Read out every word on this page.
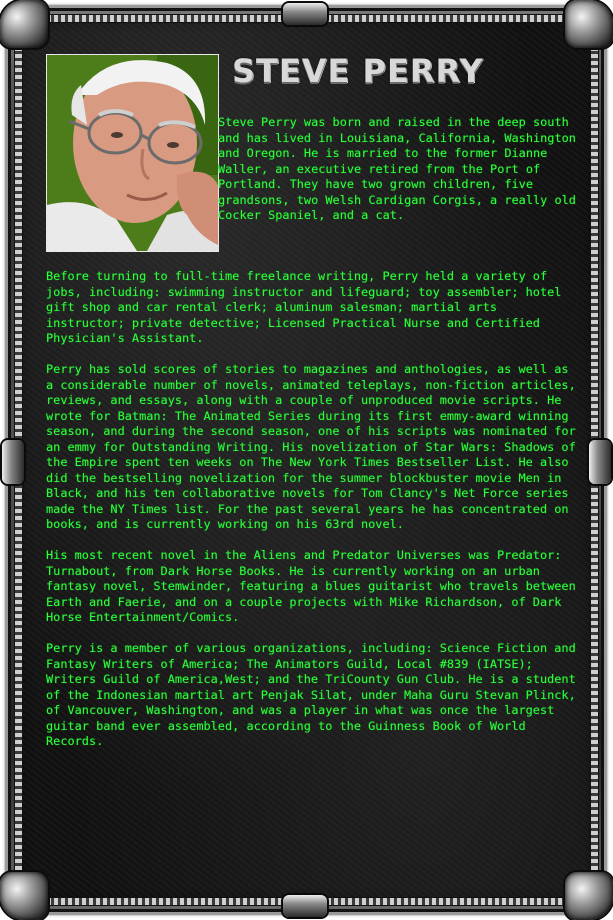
STEVE PERRY

Steve Perry was born and raised in the deep south and has lived in Louisiana, California, Washington and Oregon. He is married to the former Dianne Waller, an executive retired from the Port of Portland. They have two grown children, five grandsons, two Welsh Cardigan Corgis, a really old Cocker Spaniel, and a cat.

Before turning to full-time freelance writing, Perry held a variety of jobs, including: swimming instructor and lifeguard; toy assembler; hotel gift shop and car rental clerk; aluminum salesman; martial arts instructor; private detective; Licensed Practical Nurse and Certified Physician's Assistant.

Perry has sold scores of stories to magazines and anthologies, as well as a considerable number of novels, animated teleplays, non-fiction articles, reviews, and essays, along with a couple of unproduced movie scripts. He wrote for Batman: The Animated Series during its first emmy-award winning season, and during the second season, one of his scripts was nominated for an emmy for Outstanding Writing. His novelization of Star Wars: Shadows of the Empire spent ten weeks on The New York Times Bestseller List. He also did the bestselling novelization for the summer blockbuster movie Men in Black, and his ten collaborative novels for Tom Clancy's Net Force series made the NY Times list. For the past several years he has concentrated on books, and is currently working on his 63rd novel.

His most recent novel in the Aliens and Predator Universes was Predator: Turnabout, from Dark Horse Books. He is currently working on an urban fantasy novel, Stemwinder, featuring a blues guitarist who travels between Earth and Faerie, and on a couple projects with Mike Richardson, of Dark Horse Entertainment/Comics.

Perry is a member of various organizations, including: Science Fiction and Fantasy Writers of America; The Animators Guild, Local #839 (IATSE); Writers Guild of America,West; and the TriCounty Gun Club. He is a student of the Indonesian martial art Penjak Silat, under Maha Guru Stevan Plinck, of Vancouver, Washington, and was a player in what was once the largest guitar band ever assembled, according to the Guinness Book of World Records.
